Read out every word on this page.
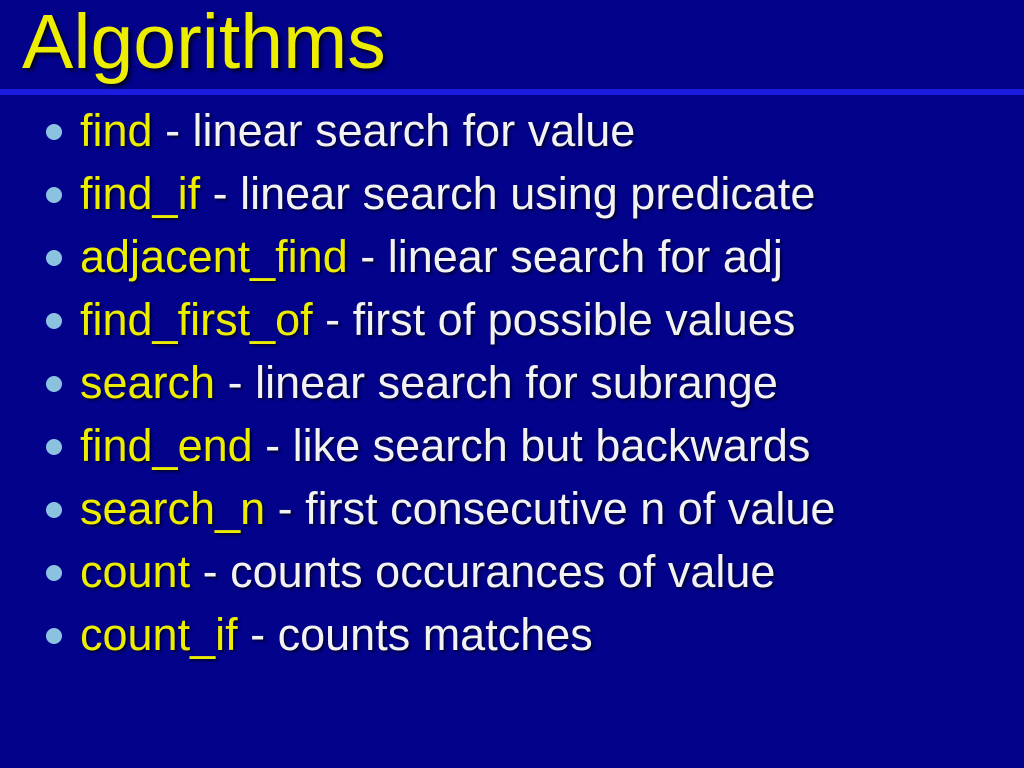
Algorithms
find - linear search for value
find_if - linear search using predicate
adjacent_find - linear search for adj
find_first_of - first of possible values
search - linear search for subrange
find_end - like search but backwards
search_n - first consecutive n of value
count - counts occurances of value
count_if - counts matches
